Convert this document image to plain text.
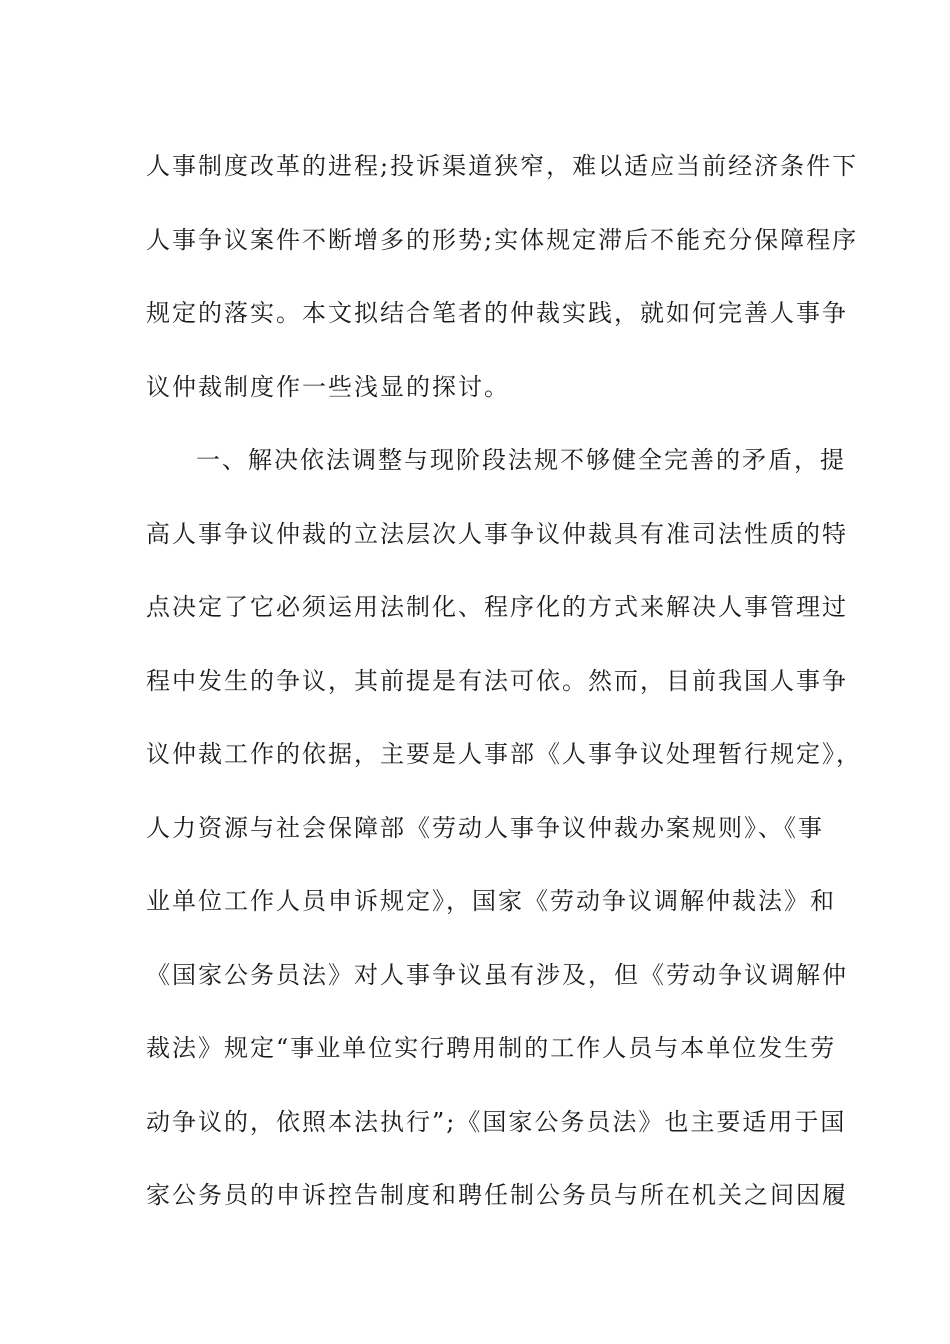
人事制度改革的进程;投诉渠道狭窄，难以适应当前经济条件下
人事争议案件不断增多的形势;实体规定滞后不能充分保障程序
规定的落实。本文拟结合笔者的仲裁实践，就如何完善人事争
议仲裁制度作一些浅显的探讨。
一、解决依法调整与现阶段法规不够健全完善的矛盾，提
高人事争议仲裁的立法层次人事争议仲裁具有准司法性质的特
点决定了它必须运用法制化、程序化的方式来解决人事管理过
程中发生的争议，其前提是有法可依。然而，目前我国人事争
议仲裁工作的依据，主要是人事部《人事争议处理暂行规定》，
人力资源与社会保障部《劳动人事争议仲裁办案规则》、《事
业单位工作人员申诉规定》，国家《劳动争议调解仲裁法》和
《国家公务员法》对人事争议虽有涉及，但《劳动争议调解仲
裁法》规定“事业单位实行聘用制的工作人员与本单位发生劳
动争议的，依照本法执行”;《国家公务员法》也主要适用于国
家公务员的申诉控告制度和聘任制公务员与所在机关之间因履
